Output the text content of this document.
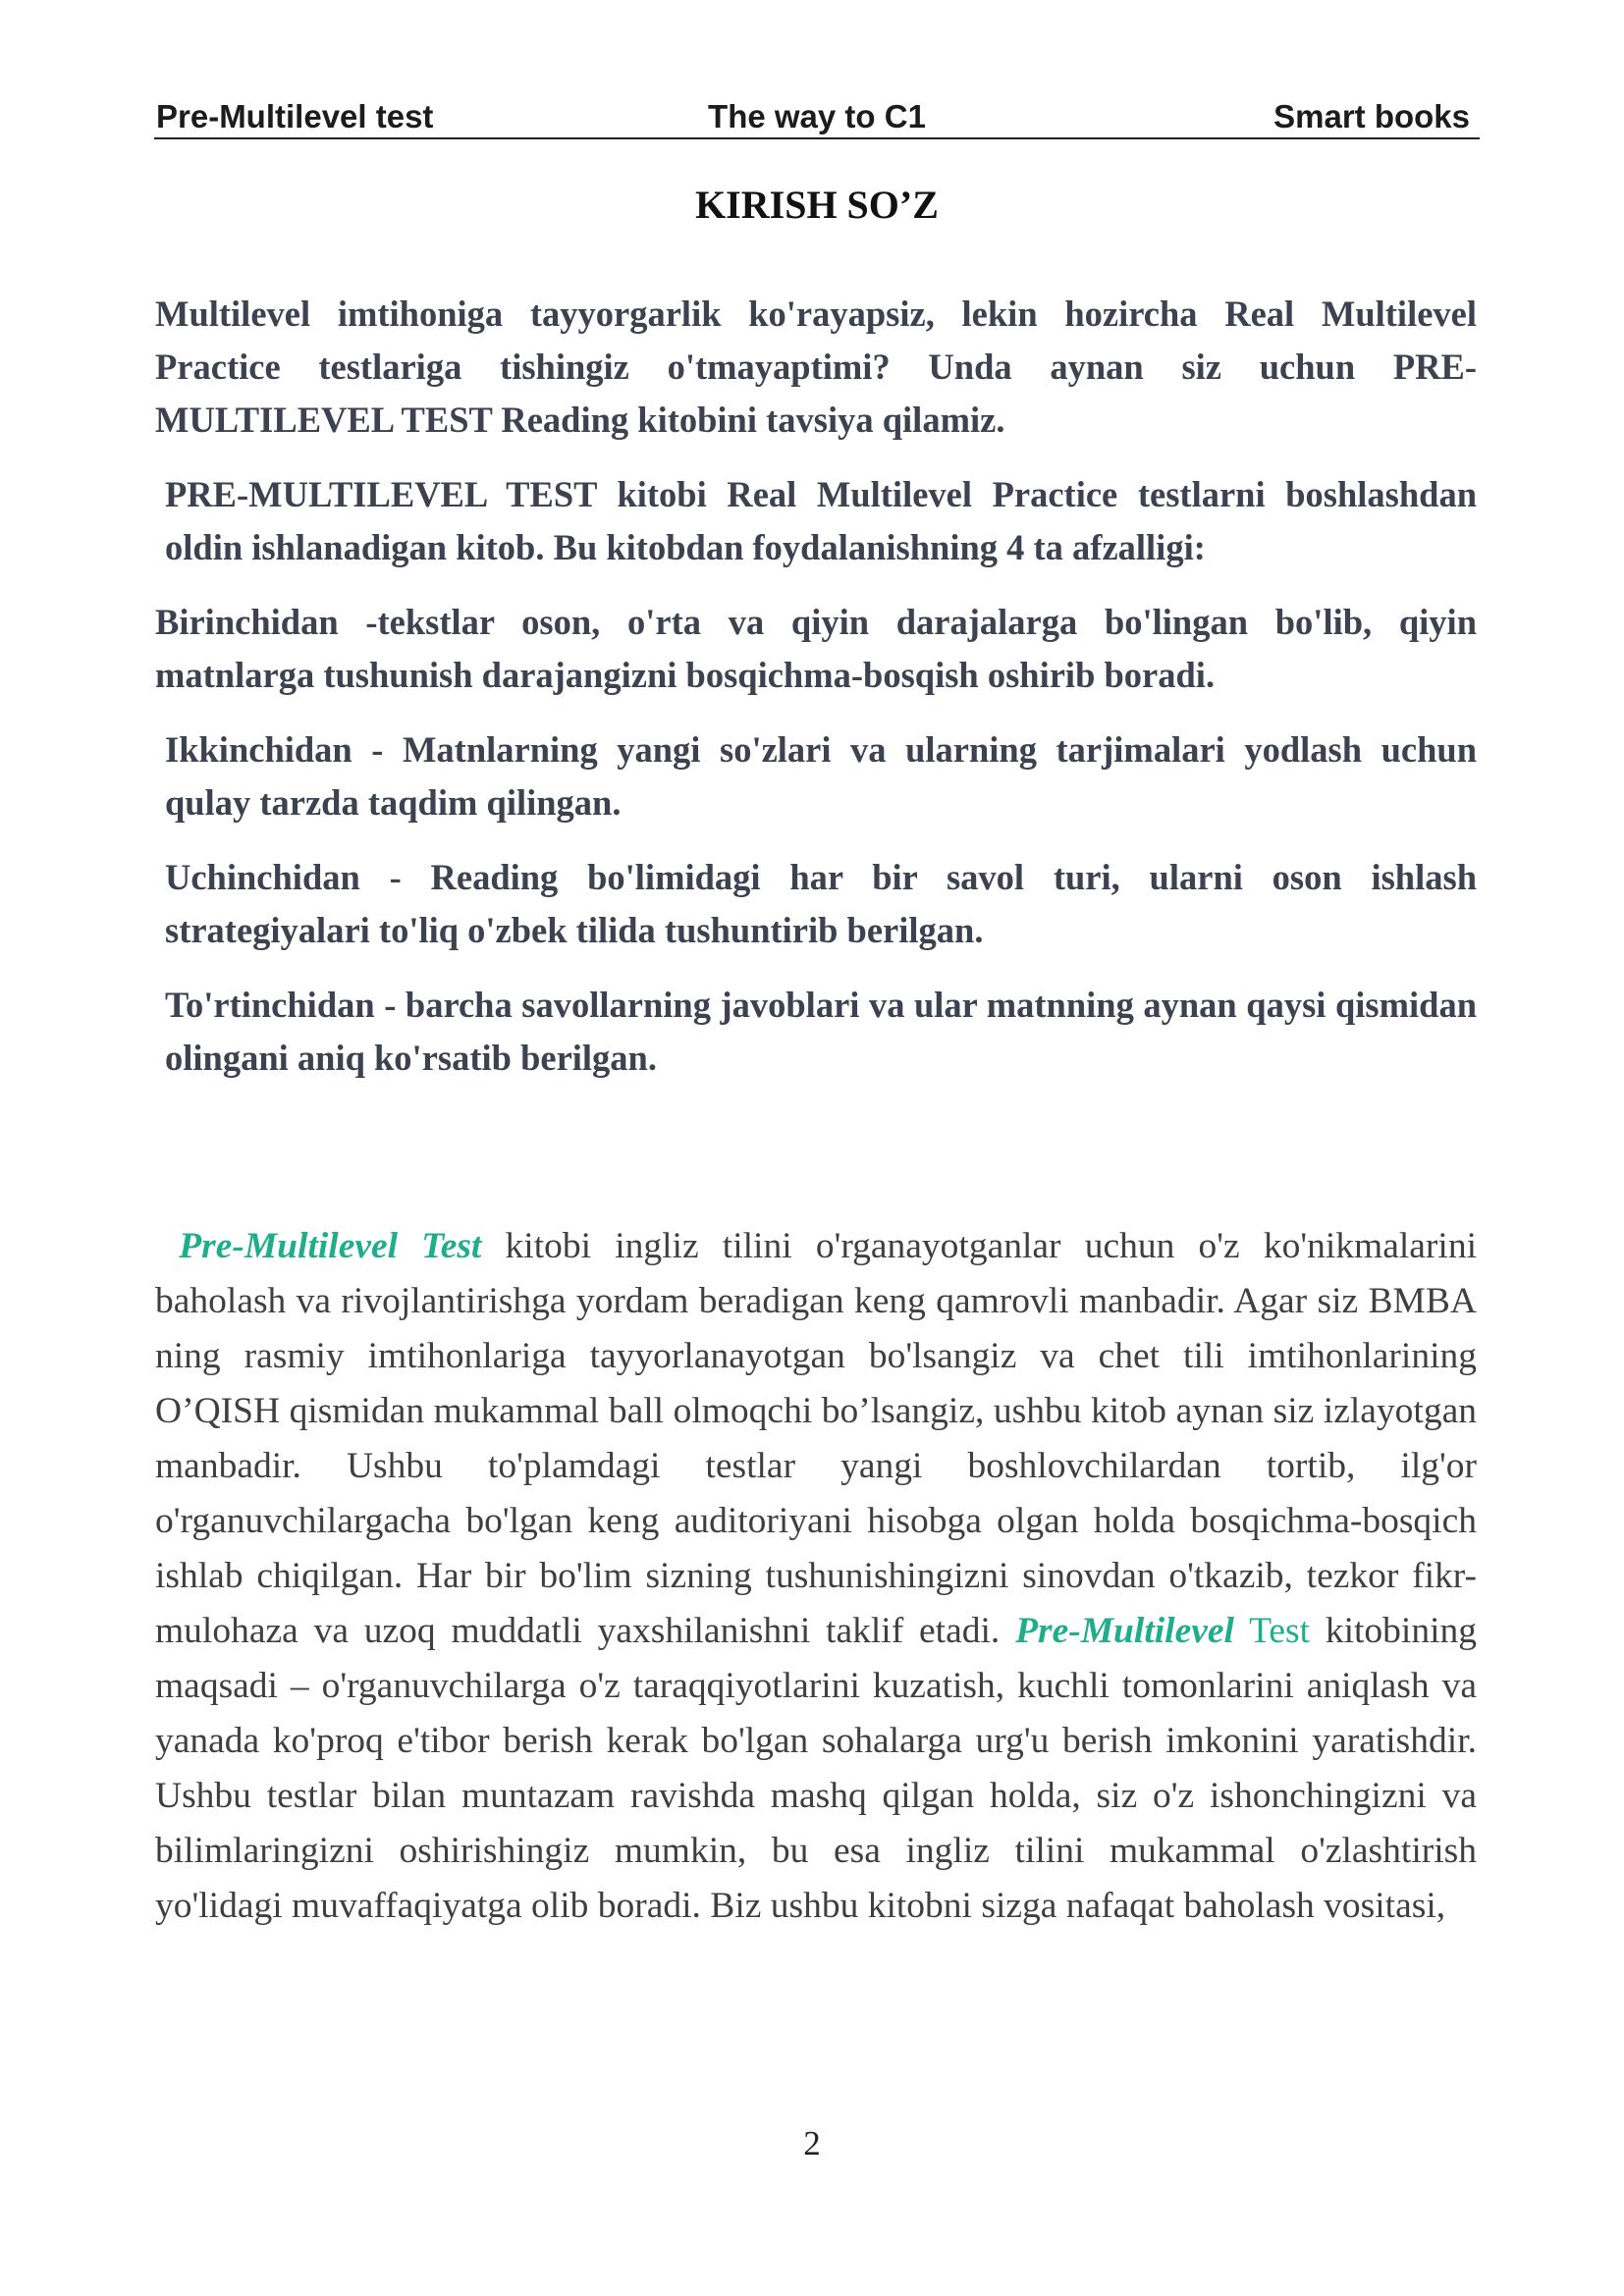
Pre-Multilevel test	The way to C1	Smart books
KIRISH SO’Z

Multilevel imtihoniga tayyorgarlik ko'rayapsiz, lekin hozircha Real Multilevel Practice testlariga tishingiz o'tmayaptimi? Unda aynan siz uchun PRE-MULTILEVEL TEST Reading kitobini tavsiya qilamiz.

PRE-MULTILEVEL TEST kitobi Real Multilevel Practice testlarni boshlashdan oldin ishlanadigan kitob. Bu kitobdan foydalanishning 4 ta afzalligi:

Birinchidan -tekstlar oson, o'rta va qiyin darajalarga bo'lingan bo'lib, qiyin matnlarga tushunish darajangizni bosqichma-bosqish oshirib boradi.

Ikkinchidan - Matnlarning yangi so'zlari va ularning tarjimalari yodlash uchun qulay tarzda taqdim qilingan.

Uchinchidan - Reading bo'limidagi har bir savol turi, ularni oson ishlash strategiyalari to'liq o'zbek tilida tushuntirib berilgan.

To'rtinchidan - barcha savollarning javoblari va ular matnning aynan qaysi qismidan olingani aniq ko'rsatib berilgan.

Pre-Multilevel Test kitobi ingliz tilini o'rganayotganlar uchun o'z ko'nikmalarini baholash va rivojlantirishga yordam beradigan keng qamrovli manbadir. Agar siz BMBA ning rasmiy imtihonlariga tayyorlanayotgan bo'lsangiz va chet tili imtihonlarining O’QISH qismidan mukammal ball olmoqchi bo’lsangiz, ushbu kitob aynan siz izlayotgan manbadir. Ushbu to'plamdagi testlar yangi boshlovchilardan tortib, ilg'or o'rganuvchilargacha bo'lgan keng auditoriyani hisobga olgan holda bosqichma-bosqich ishlab chiqilgan. Har bir bo'lim sizning tushunishingizni sinovdan o'tkazib, tezkor fikr-mulohaza va uzoq muddatli yaxshilanishni taklif etadi. Pre-Multilevel Test kitobining maqsadi – o'rganuvchilarga o'z taraqqiyotlarini kuzatish, kuchli tomonlarini aniqlash va yanada ko'proq e'tibor berish kerak bo'lgan sohalarga urg'u berish imkonini yaratishdir. Ushbu testlar bilan muntazam ravishda mashq qilgan holda, siz o'z ishonchingizni va bilimlaringizni oshirishingiz mumkin, bu esa ingliz tilini mukammal o'zlashtirish yo'lidagi muvaffaqiyatga olib boradi. Biz ushbu kitobni sizga nafaqat baholash vositasi,
2
